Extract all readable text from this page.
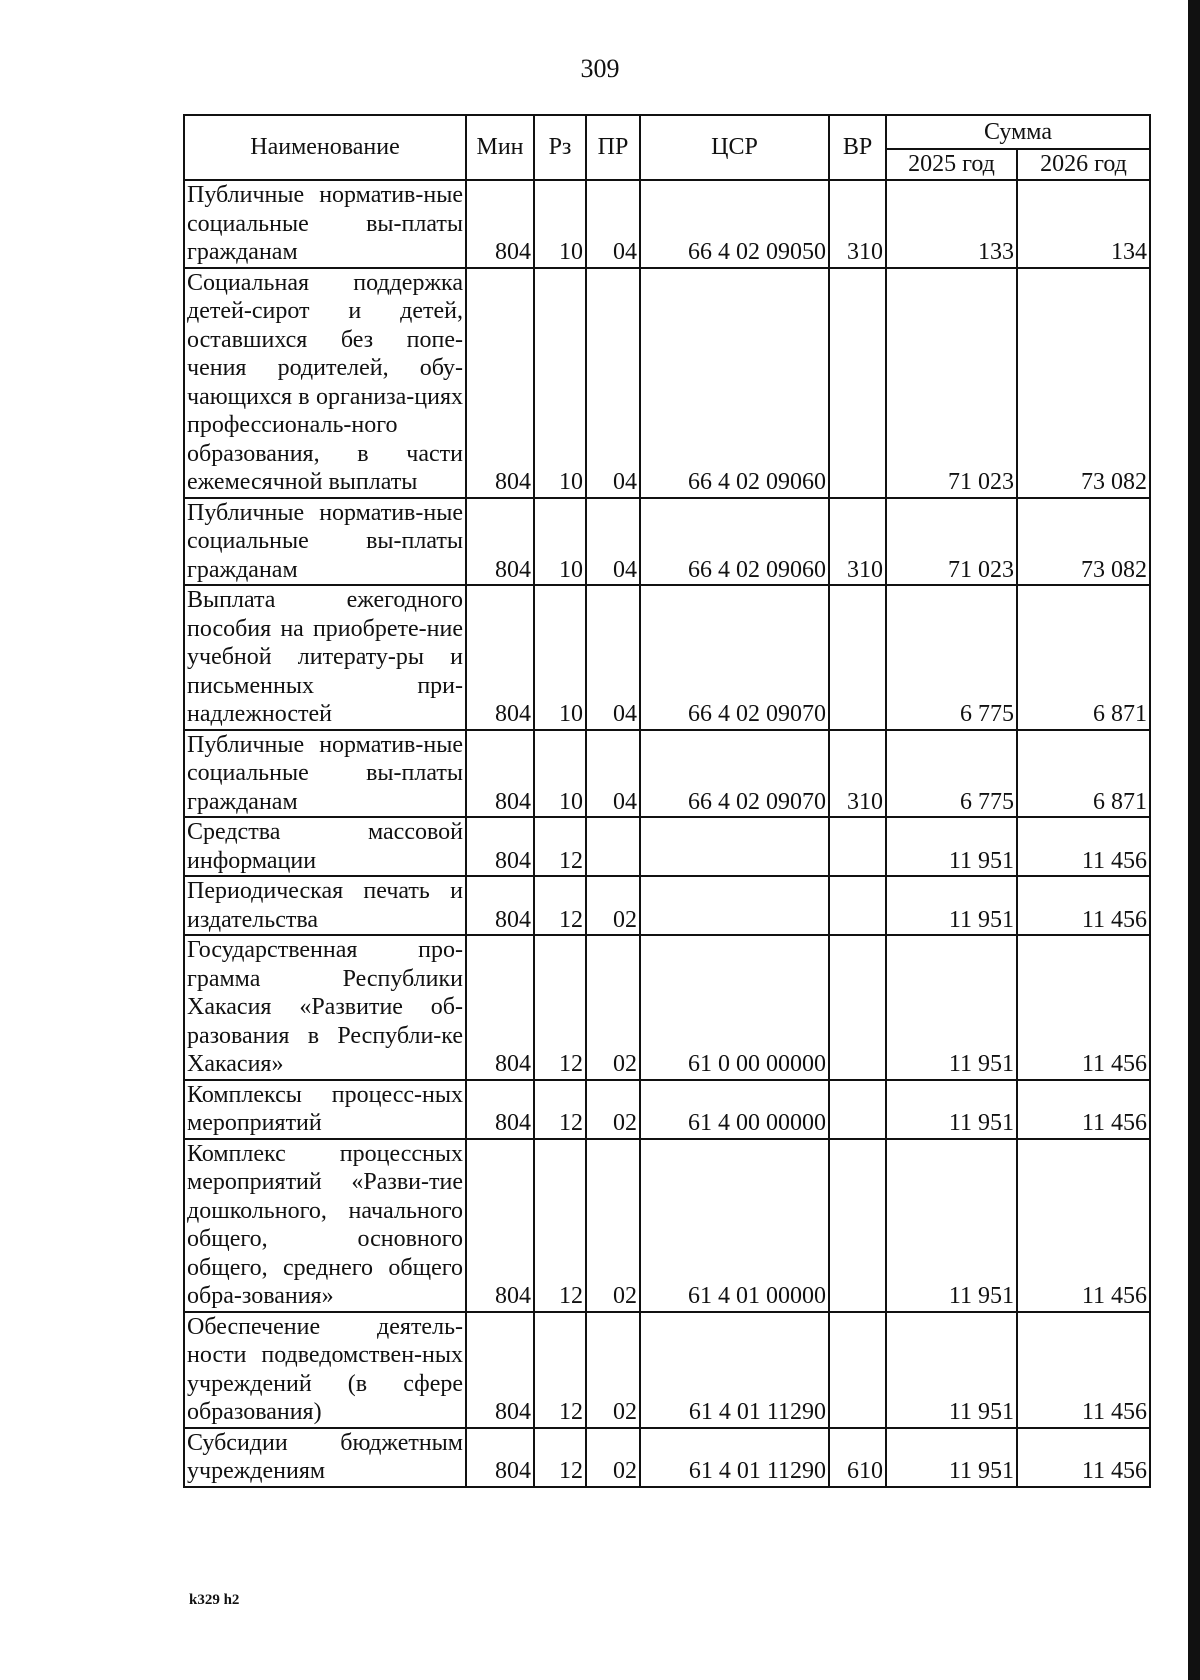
309
Наименование	Мин	Рз	ПР	ЦСР	ВР	Сумма	
						2025 год	2026 год
Публичные норматив-ные социальные вы-платы гражданам	804	10	04	66 4 02 09050	310	133	134
Социальная поддержка детей-сирот и детей, оставшихся без попе-чения родителей, обу-чающихся в организа-циях профессиональ-ного образования, в части ежемесячной выплаты	804	10	04	66 4 02 09060		71 023	73 082
Публичные норматив-ные социальные вы-платы гражданам	804	10	04	66 4 02 09060	310	71 023	73 082
Выплата ежегодного пособия на приобрете-ние учебной литерату-ры и письменных при-надлежностей	804	10	04	66 4 02 09070		6 775	6 871
Публичные норматив-ные социальные вы-платы гражданам	804	10	04	66 4 02 09070	310	6 775	6 871
Средства массовой информации	804	12				11 951	11 456
Периодическая печать и издательства	804	12	02			11 951	11 456
Государственная про-грамма Республики Хакасия «Развитие об-разования в Республи-ке Хакасия»	804	12	02	61 0 00 00000		11 951	11 456
Комплексы процесс-ных мероприятий	804	12	02	61 4 00 00000		11 951	11 456
Комплекс процессных мероприятий «Разви-тие дошкольного, начального общего, основного общего, среднего общего обра-зования»	804	12	02	61 4 01 00000		11 951	11 456
Обеспечение деятель-ности подведомствен-ных учреждений (в сфере образования)	804	12	02	61 4 01 11290		11 951	11 456
Субсидии бюджетным учреждениям	804	12	02	61 4 01 11290	610	11 951	11 456
k329 h2
